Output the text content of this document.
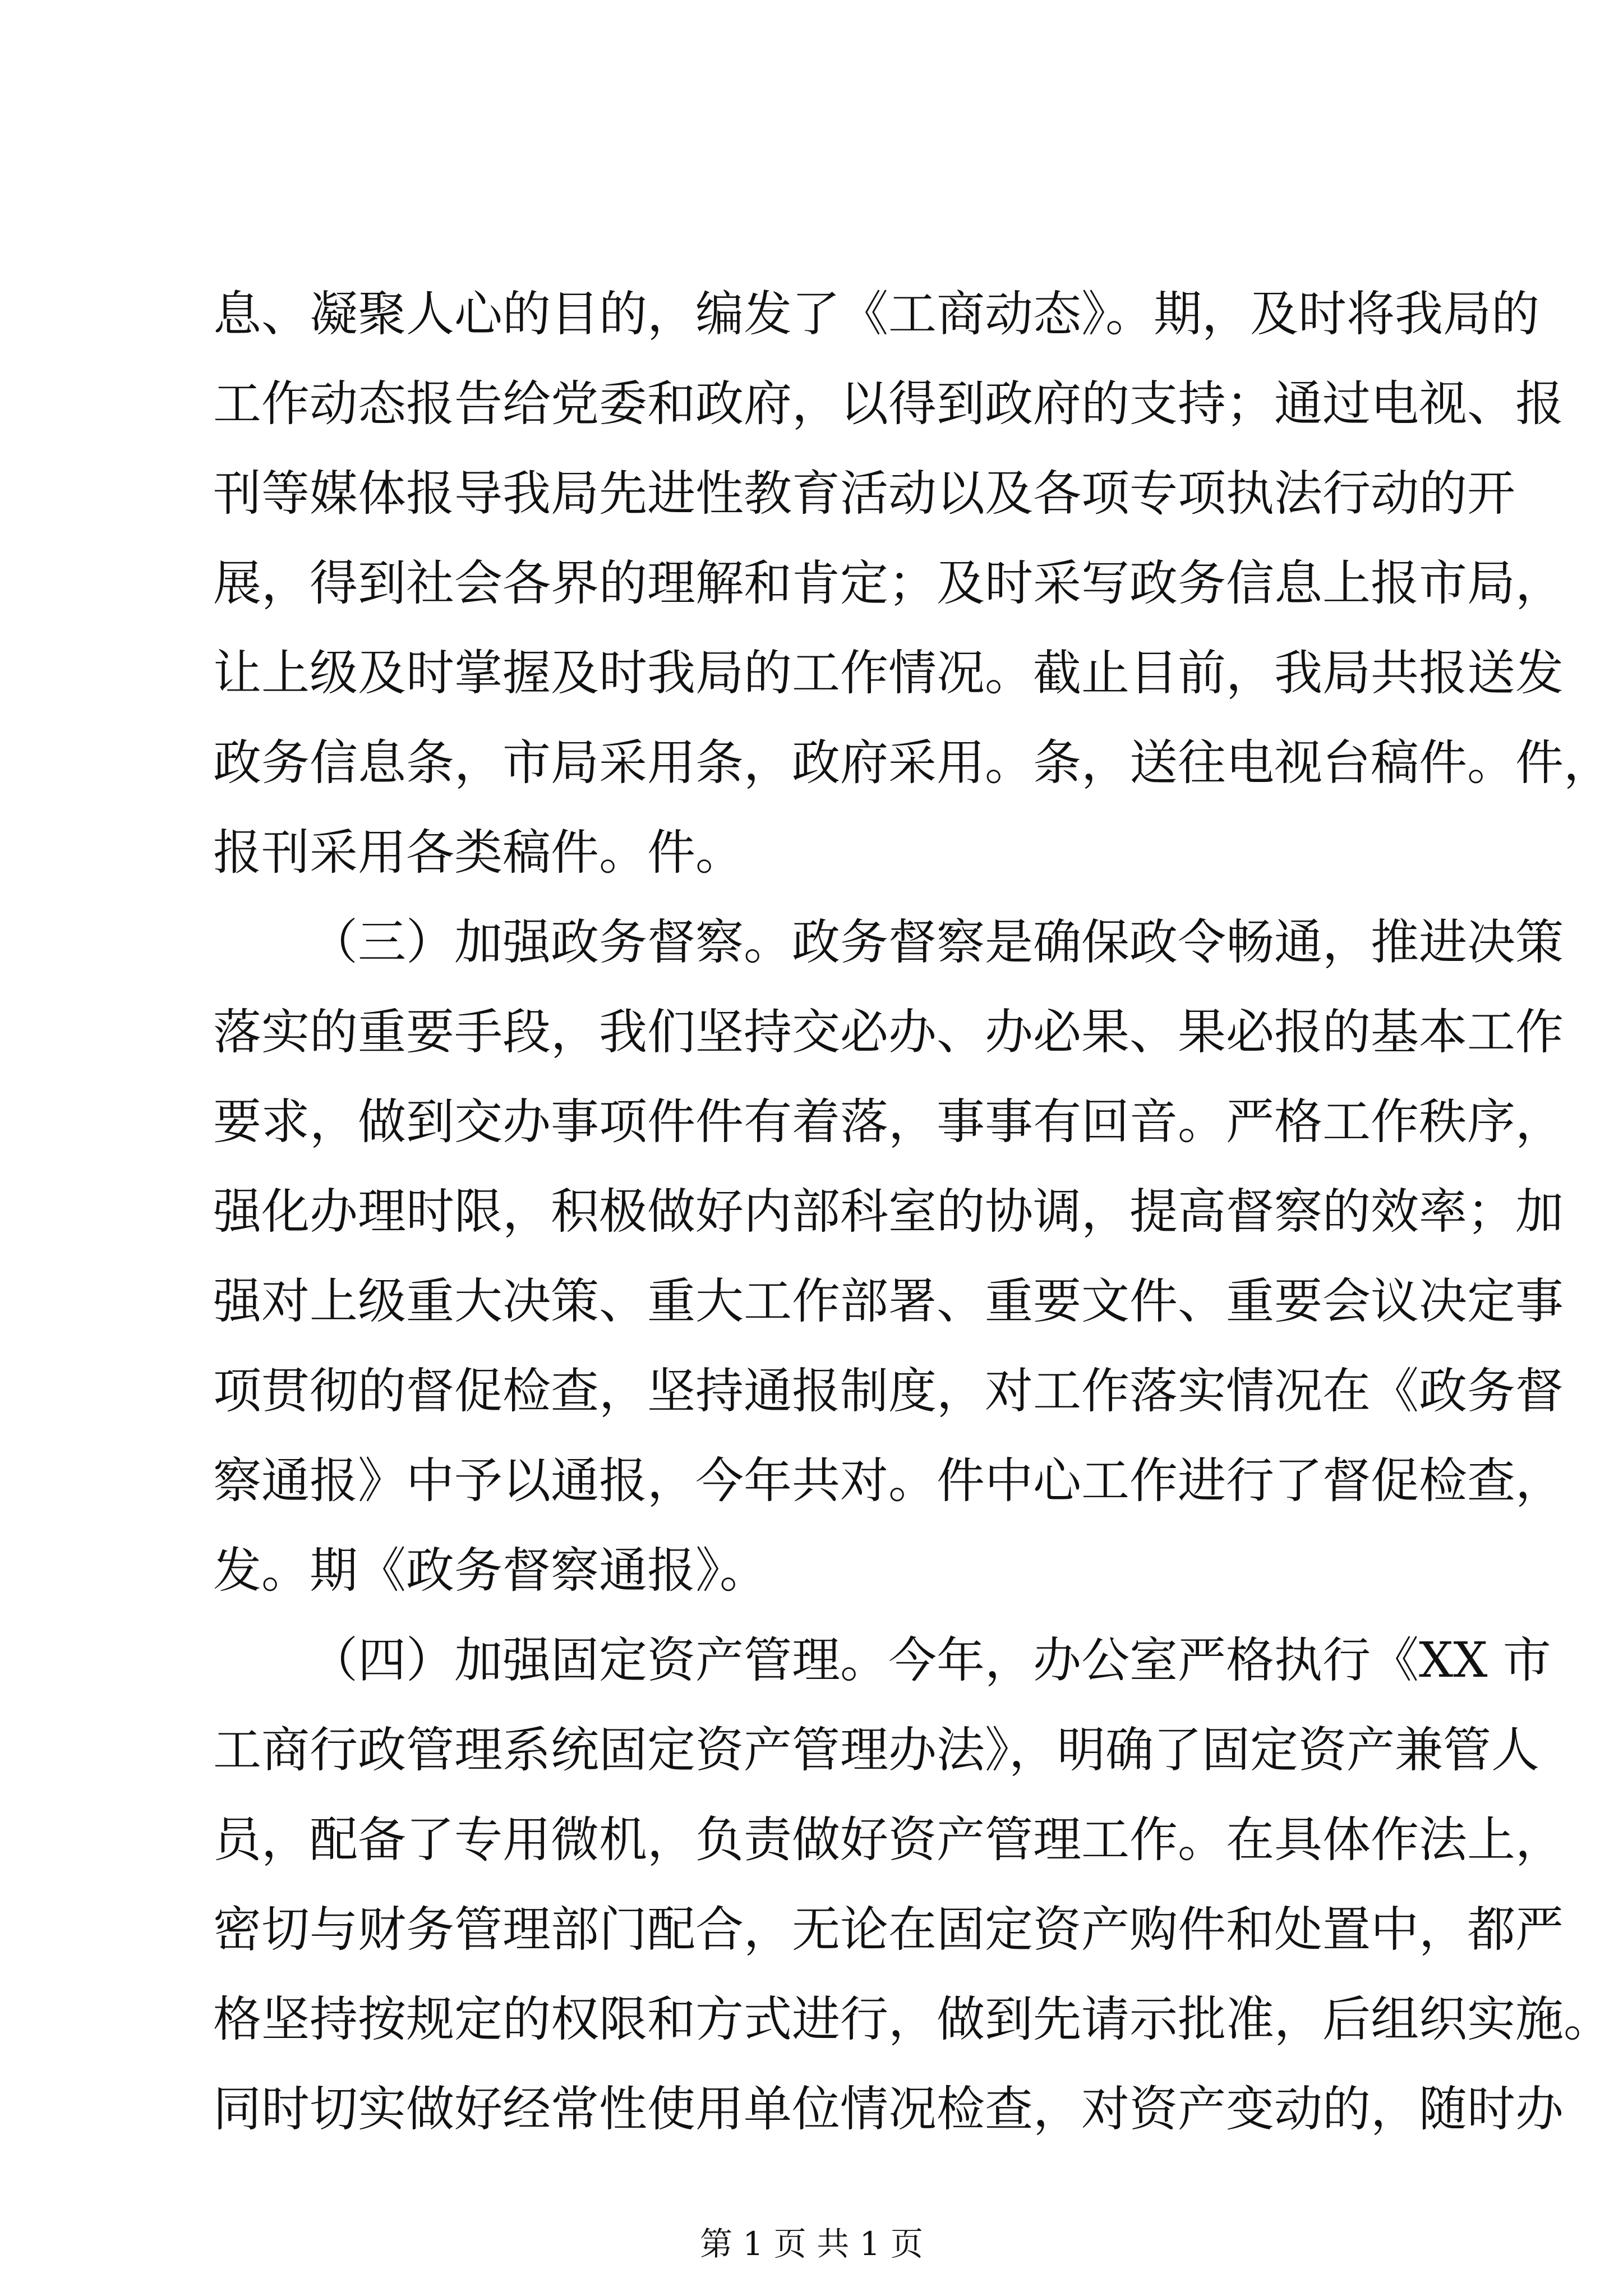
息、凝聚人心的目的，编发了《工商动态》。期，及时将我局的
工作动态报告给党委和政府，以得到政府的支持；通过电视、报
刊等媒体报导我局先进性教育活动以及各项专项执法行动的开
展，得到社会各界的理解和肯定；及时采写政务信息上报市局，
让上级及时掌握及时我局的工作情况。截止目前，我局共报送发
政务信息条，市局采用条，政府采用。条，送往电视台稿件。件，
报刊采用各类稿件。件。
（三）加强政务督察。政务督察是确保政令畅通，推进决策
落实的重要手段，我们坚持交必办、办必果、果必报的基本工作
要求，做到交办事项件件有着落，事事有回音。严格工作秩序，
强化办理时限，积极做好内部科室的协调，提高督察的效率；加
强对上级重大决策、重大工作部署、重要文件、重要会议决定事
项贯彻的督促检查，坚持通报制度，对工作落实情况在《政务督
察通报》中予以通报，今年共对。件中心工作进行了督促检查，
发。期《政务督察通报》。
（四）加强固定资产管理。今年，办公室严格执行《XX 市
工商行政管理系统固定资产管理办法》，明确了固定资产兼管人
员，配备了专用微机，负责做好资产管理工作。在具体作法上，
密切与财务管理部门配合，无论在固定资产购件和处置中，都严
格坚持按规定的权限和方式进行，做到先请示批准，后组织实施。
同时切实做好经常性使用单位情况检查，对资产变动的，随时办
第 1 页 共 1 页
